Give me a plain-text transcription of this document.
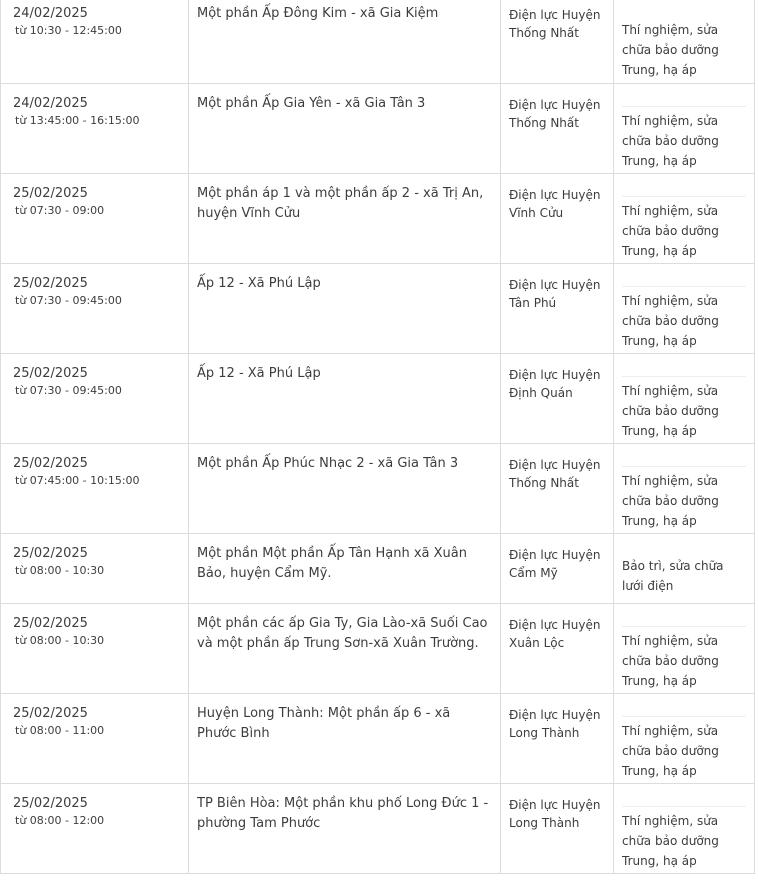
24/02/2025
từ 10:30 - 12:45:00	Một phần Ấp Đông Kim - xã Gia Kiệm	Điện lực Huyện Thống Nhất	Thí nghiệm, sửa chữa bảo dưỡng Trung, hạ áp

24/02/2025
từ 13:45:00 - 16:15:00	Một phần Ấp Gia Yên - xã Gia Tân 3	Điện lực Huyện Thống Nhất	Thí nghiệm, sửa chữa bảo dưỡng Trung, hạ áp

25/02/2025
từ 07:30 - 09:00	Một phần áp 1 và một phần ấp 2 - xã Trị An, huyện Vĩnh Cửu	Điện lực Huyện Vĩnh Cửu	Thí nghiệm, sửa chữa bảo dưỡng Trung, hạ áp

25/02/2025
từ 07:30 - 09:45:00	Ấp 12 - Xã Phú Lập	Điện lực Huyện Tân Phú	Thí nghiệm, sửa chữa bảo dưỡng Trung, hạ áp

25/02/2025
từ 07:30 - 09:45:00	Ấp 12 - Xã Phú Lập	Điện lực Huyện Định Quán	Thí nghiệm, sửa chữa bảo dưỡng Trung, hạ áp

25/02/2025
từ 07:45:00 - 10:15:00	Một phần Ấp Phúc Nhạc 2 - xã Gia Tân 3	Điện lực Huyện Thống Nhất	Thí nghiệm, sửa chữa bảo dưỡng Trung, hạ áp

25/02/2025
từ 08:00 - 10:30	Một phần Một phần Ấp Tân Hạnh xã Xuân Bảo, huyện Cẩm Mỹ.	Điện lực Huyện Cẩm Mỹ	Bảo trì, sửa chữa lưới điện

25/02/2025
từ 08:00 - 10:30	Một phần các ấp Gia Ty, Gia Lào-xã Suối Cao và một phần ấp Trung Sơn-xã Xuân Trường.	Điện lực Huyện Xuân Lộc	Thí nghiệm, sửa chữa bảo dưỡng Trung, hạ áp

25/02/2025
từ 08:00 - 11:00	Huyện Long Thành: Một phần ấp 6 - xã Phước Bình	Điện lực Huyện Long Thành	Thí nghiệm, sửa chữa bảo dưỡng Trung, hạ áp

25/02/2025
từ 08:00 - 12:00	TP Biên Hòa: Một phần khu phố Long Đức 1 - phường Tam Phước	Điện lực Huyện Long Thành	Thí nghiệm, sửa chữa bảo dưỡng Trung, hạ áp
